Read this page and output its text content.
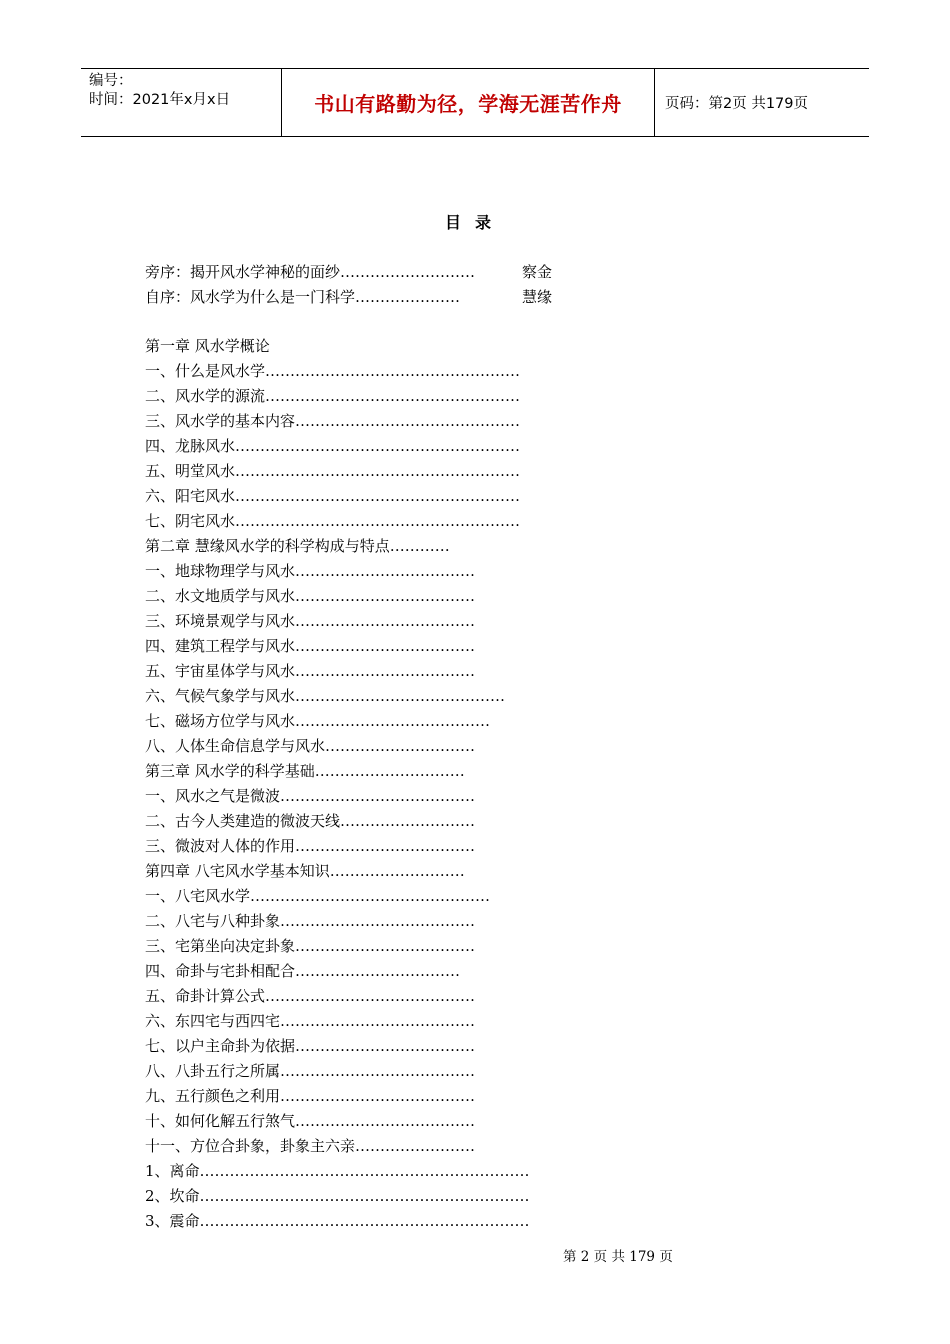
编号：
时间：2021年x月x日	书山有路勤为径，学海无涯苦作舟	页码：第2页 共179页
目录
旁序：揭开风水学神秘的面纱………………………	察金
自序：风水学为什么是一门科学…………………	慧缘
第一章 风水学概论
一、什么是风水学……………………………………………
二、风水学的源流……………………………………………
三、风水学的基本内容………………………………………
四、龙脉风水…………………………………………………
五、明堂风水…………………………………………………
六、阳宅风水…………………………………………………
七、阴宅风水…………………………………………………
第二章 慧缘风水学的科学构成与特点…………
一、地球物理学与风水………………………………
二、水文地质学与风水………………………………
三、环境景观学与风水………………………………
四、建筑工程学与风水………………………………
五、宇宙星体学与风水………………………………
六、气候气象学与风水……………………………………
七、磁场方位学与风水…………………………………
八、人体生命信息学与风水…………………………
第三章 风水学的科学基础…………………………
一、风水之气是微波…………………………………
二、古今人类建造的微波天线………………………
三、微波对人体的作用………………………………
第四章 八宅风水学基本知识………………………
一、八宅风水学…………………………………………
二、八宅与八种卦象…………………………………
三、宅第坐向决定卦象………………………………
四、命卦与宅卦相配合……………………………
五、命卦计算公式……………………………………
六、东四宅与西四宅…………………………………
七、以户主命卦为依据………………………………
八、八卦五行之所属…………………………………
九、五行颜色之利用…………………………………
十、如何化解五行煞气………………………………
十一、方位合卦象，卦象主六亲……………………
1、离命…………………………………………………………
2、坎命…………………………………………………………
3、震命…………………………………………………………
第 2 页 共 179 页
